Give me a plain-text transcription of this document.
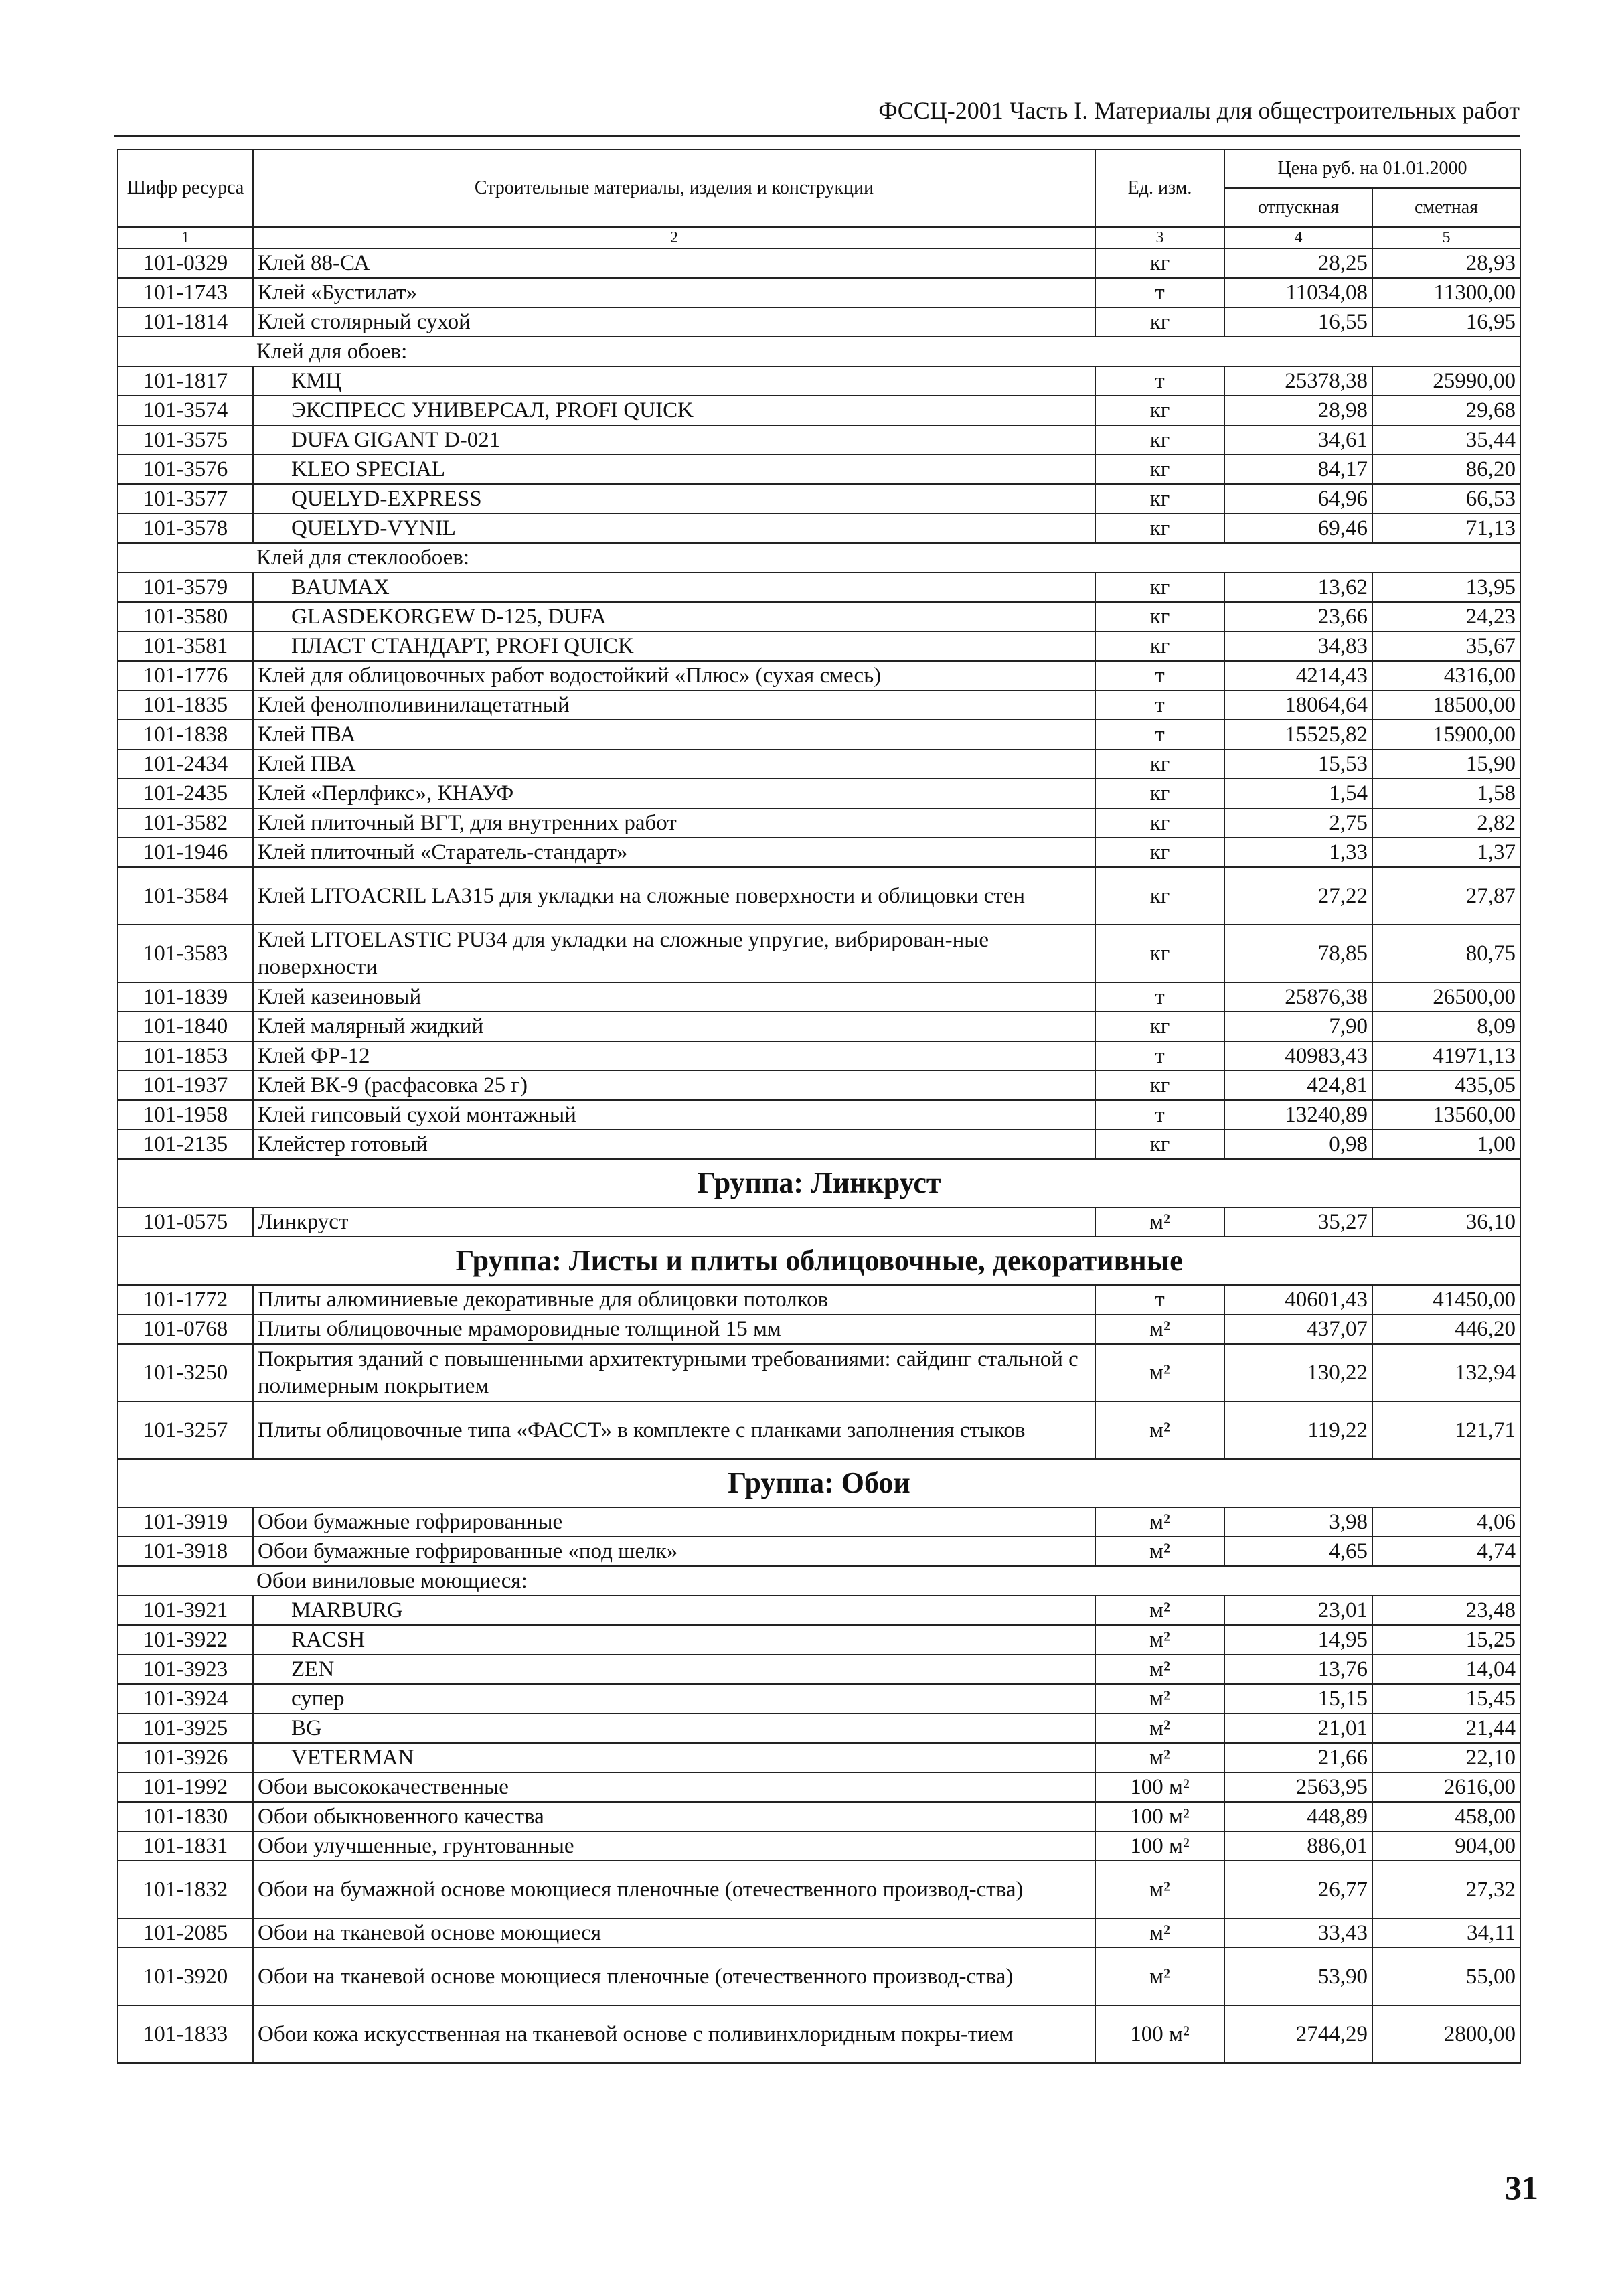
ФССЦ-2001 Часть I. Материалы для общестроительных работ
Шифр ресурса	Строительные материалы, изделия и конструкции	Ед. изм.	Цена руб. на 01.01.2000	
			отпускная	сметная
1	2	3	4	5
101-0329	Клей 88-СА	кг	28,25	28,93
101-1743	Клей «Бустилат»	т	11034,08	11300,00
101-1814	Клей столярный сухой	кг	16,55	16,95
Клей для обоев:				
101-1817	КМЦ	т	25378,38	25990,00
101-3574	ЭКСПРЕСС УНИВЕРСАЛ, PROFI QUICK	кг	28,98	29,68
101-3575	DUFA GIGANT D-021	кг	34,61	35,44
101-3576	KLEO SPECIAL	кг	84,17	86,20
101-3577	QUELYD-EXPRESS	кг	64,96	66,53
101-3578	QUELYD-VYNIL	кг	69,46	71,13
Клей для стеклообоев:				
101-3579	BAUMAX	кг	13,62	13,95
101-3580	GLASDEKORGEW D-125, DUFA	кг	23,66	24,23
101-3581	ПЛАСТ СТАНДАРТ, PROFI QUICK	кг	34,83	35,67
101-1776	Клей для облицовочных работ водостойкий «Плюс» (сухая смесь)	т	4214,43	4316,00
101-1835	Клей фенолполивинилацетатный	т	18064,64	18500,00
101-1838	Клей ПВА	т	15525,82	15900,00
101-2434	Клей ПВА	кг	15,53	15,90
101-2435	Клей «Перлфикс», КНАУФ	кг	1,54	1,58
101-3582	Клей плиточный ВГТ, для внутренних работ	кг	2,75	2,82
101-1946	Клей плиточный «Старатель-стандарт»	кг	1,33	1,37
101-3584	Клей LITOACRIL LA315 для укладки на сложные поверхности и облицовки стен	кг	27,22	27,87
101-3583	Клей LITOELASTIC PU34 для укладки на сложные упругие, вибрирован-ные поверхности	кг	78,85	80,75
101-1839	Клей казеиновый	т	25876,38	26500,00
101-1840	Клей малярный жидкий	кг	7,90	8,09
101-1853	Клей ФР-12	т	40983,43	41971,13
101-1937	Клей ВК-9 (расфасовка 25 г)	кг	424,81	435,05
101-1958	Клей гипсовый сухой монтажный	т	13240,89	13560,00
101-2135	Клейстер готовый	кг	0,98	1,00
Группа: Линкруст				
101-0575	Линкруст	м²	35,27	36,10
Группа: Листы и плиты облицовочные, декоративные				
101-1772	Плиты алюминиевые декоративные для облицовки потолков	т	40601,43	41450,00
101-0768	Плиты облицовочные мраморовидные толщиной 15 мм	м²	437,07	446,20
101-3250	Покрытия зданий с повышенными архитектурными требованиями: сайдинг стальной с полимерным покрытием	м²	130,22	132,94
101-3257	Плиты облицовочные типа «ФАССТ» в комплекте с планками заполнения стыков	м²	119,22	121,71
Группа: Обои				
101-3919	Обои бумажные гофрированные	м²	3,98	4,06
101-3918	Обои бумажные гофрированные «под шелк»	м²	4,65	4,74
Обои виниловые моющиеся:				
101-3921	MARBURG	м²	23,01	23,48
101-3922	RACSH	м²	14,95	15,25
101-3923	ZEN	м²	13,76	14,04
101-3924	супер	м²	15,15	15,45
101-3925	BG	м²	21,01	21,44
101-3926	VETERMAN	м²	21,66	22,10
101-1992	Обои высококачественные	100 м²	2563,95	2616,00
101-1830	Обои обыкновенного качества	100 м²	448,89	458,00
101-1831	Обои улучшенные, грунтованные	100 м²	886,01	904,00
101-1832	Обои на бумажной основе моющиеся пленочные (отечественного производ-ства)	м²	26,77	27,32
101-2085	Обои на тканевой основе моющиеся	м²	33,43	34,11
101-3920	Обои на тканевой основе моющиеся пленочные (отечественного производ-ства)	м²	53,90	55,00
101-1833	Обои кожа искусственная на тканевой основе с поливинхлоридным покры-тием	100 м²	2744,29	2800,00
31
